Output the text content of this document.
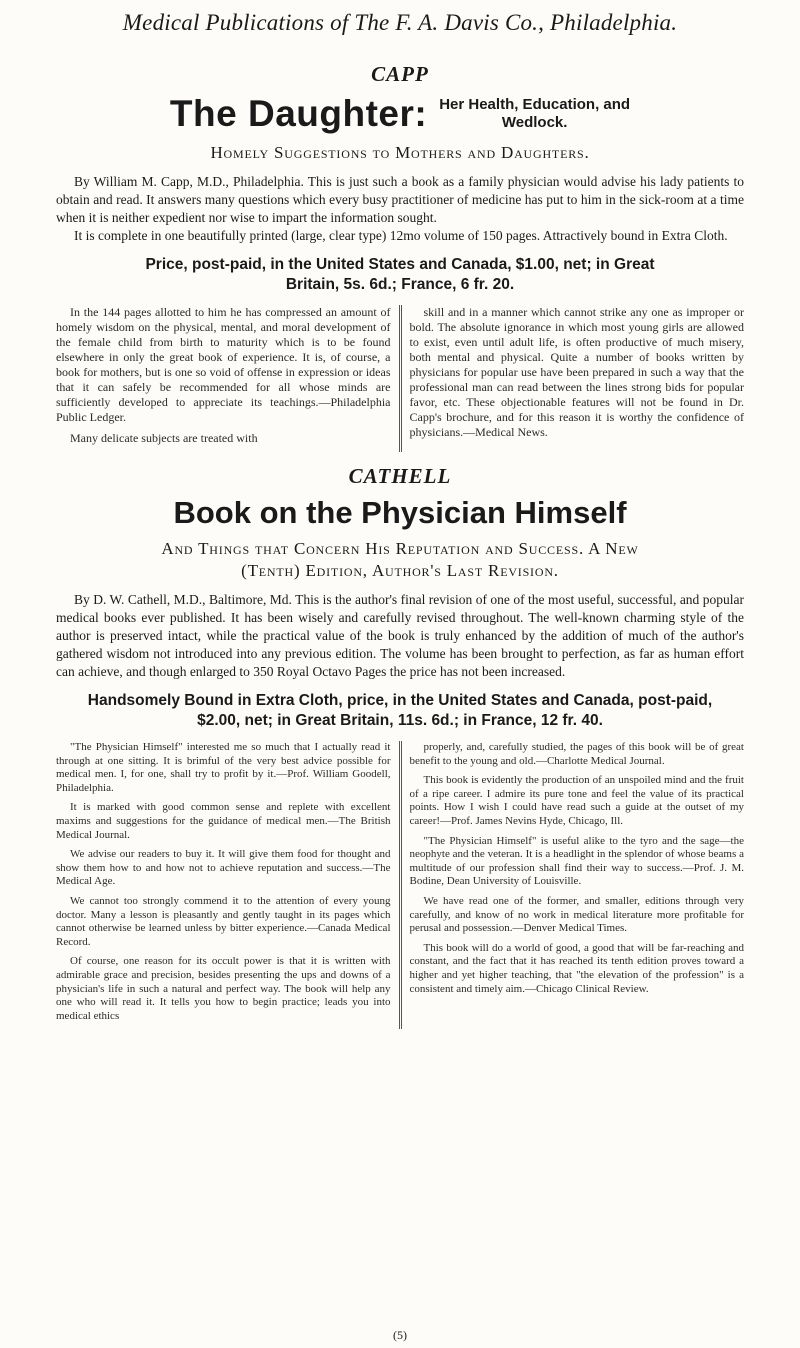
Medical Publications of The F. A. Davis Co., Philadelphia.
CAPP
The Daughter: Her Health, Education, and
Wedlock.
Homely Suggestions to Mothers and Daughters.

By William M. Capp, M.D., Philadelphia. This is just such a book as a family physician would advise his lady patients to obtain and read. It answers many questions which every busy practitioner of medicine has put to him in the sick-room at a time when it is neither expedient nor wise to impart the information sought.

It is complete in one beautifully printed (large, clear type) 12mo volume of 150 pages. Attractively bound in Extra Cloth.

Price, post-paid, in the United States and Canada, $1.00, net; in Great
Britain, 5s. 6d.; France, 6 fr. 20.

In the 144 pages allotted to him he has compressed an amount of homely wisdom on the physical, mental, and moral development of the female child from birth to maturity which is to be found elsewhere in only the great book of experience. It is, of course, a book for mothers, but is one so void of offense in expression or ideas that it can safely be recommended for all whose minds are sufficiently developed to appreciate its teachings.—Philadelphia Public Ledger.

Many delicate subjects are treated with

skill and in a manner which cannot strike any one as improper or bold. The absolute ignorance in which most young girls are allowed to exist, even until adult life, is often productive of much misery, both mental and physical. Quite a number of books written by physicians for popular use have been prepared in such a way that the professional man can read between the lines strong bids for popular favor, etc. These objectionable features will not be found in Dr. Capp's brochure, and for this reason it is worthy the confidence of physicians.—Medical News.

CATHELL
Book on the Physician Himself
And Things that Concern His Reputation and Success. A New
(Tenth) Edition, Author's Last Revision.

By D. W. Cathell, M.D., Baltimore, Md. This is the author's final revision of one of the most useful, successful, and popular medical books ever published. It has been wisely and carefully revised throughout. The well-known charming style of the author is preserved intact, while the practical value of the book is truly enhanced by the addition of much of the author's gathered wisdom not introduced into any previous edition. The volume has been brought to perfection, as far as human effort can achieve, and though enlarged to 350 Royal Octavo Pages the price has not been increased.

Handsomely Bound in Extra Cloth, price, in the United States and Canada, post-paid,
$2.00, net; in Great Britain, 11s. 6d.; in France, 12 fr. 40.

"The Physician Himself" interested me so much that I actually read it through at one sitting. It is brimful of the very best advice possible for medical men. I, for one, shall try to profit by it.—Prof. William Goodell, Philadelphia.

It is marked with good common sense and replete with excellent maxims and suggestions for the guidance of medical men.—The British Medical Journal.

We advise our readers to buy it. It will give them food for thought and show them how to and how not to achieve reputation and success.—The Medical Age.

We cannot too strongly commend it to the attention of every young doctor. Many a lesson is pleasantly and gently taught in its pages which cannot otherwise be learned unless by bitter experience.—Canada Medical Record.

Of course, one reason for its occult power is that it is written with admirable grace and precision, besides presenting the ups and downs of a physician's life in such a natural and perfect way. The book will help any one who will read it. It tells you how to begin practice; leads you into medical ethics

properly, and, carefully studied, the pages of this book will be of great benefit to the young and old.—Charlotte Medical Journal.

This book is evidently the production of an unspoiled mind and the fruit of a ripe career. I admire its pure tone and feel the value of its practical points. How I wish I could have read such a guide at the outset of my career!—Prof. James Nevins Hyde, Chicago, Ill.

"The Physician Himself" is useful alike to the tyro and the sage—the neophyte and the veteran. It is a headlight in the splendor of whose beams a multitude of our profession shall find their way to success.—Prof. J. M. Bodine, Dean University of Louisville.

We have read one of the former, and smaller, editions through very carefully, and know of no work in medical literature more profitable for perusal and possession.—Denver Medical Times.

This book will do a world of good, a good that will be far-reaching and constant, and the fact that it has reached its tenth edition proves toward a higher and yet higher teaching, that "the elevation of the profession" is a consistent and timely aim.—Chicago Clinical Review.

(5)
